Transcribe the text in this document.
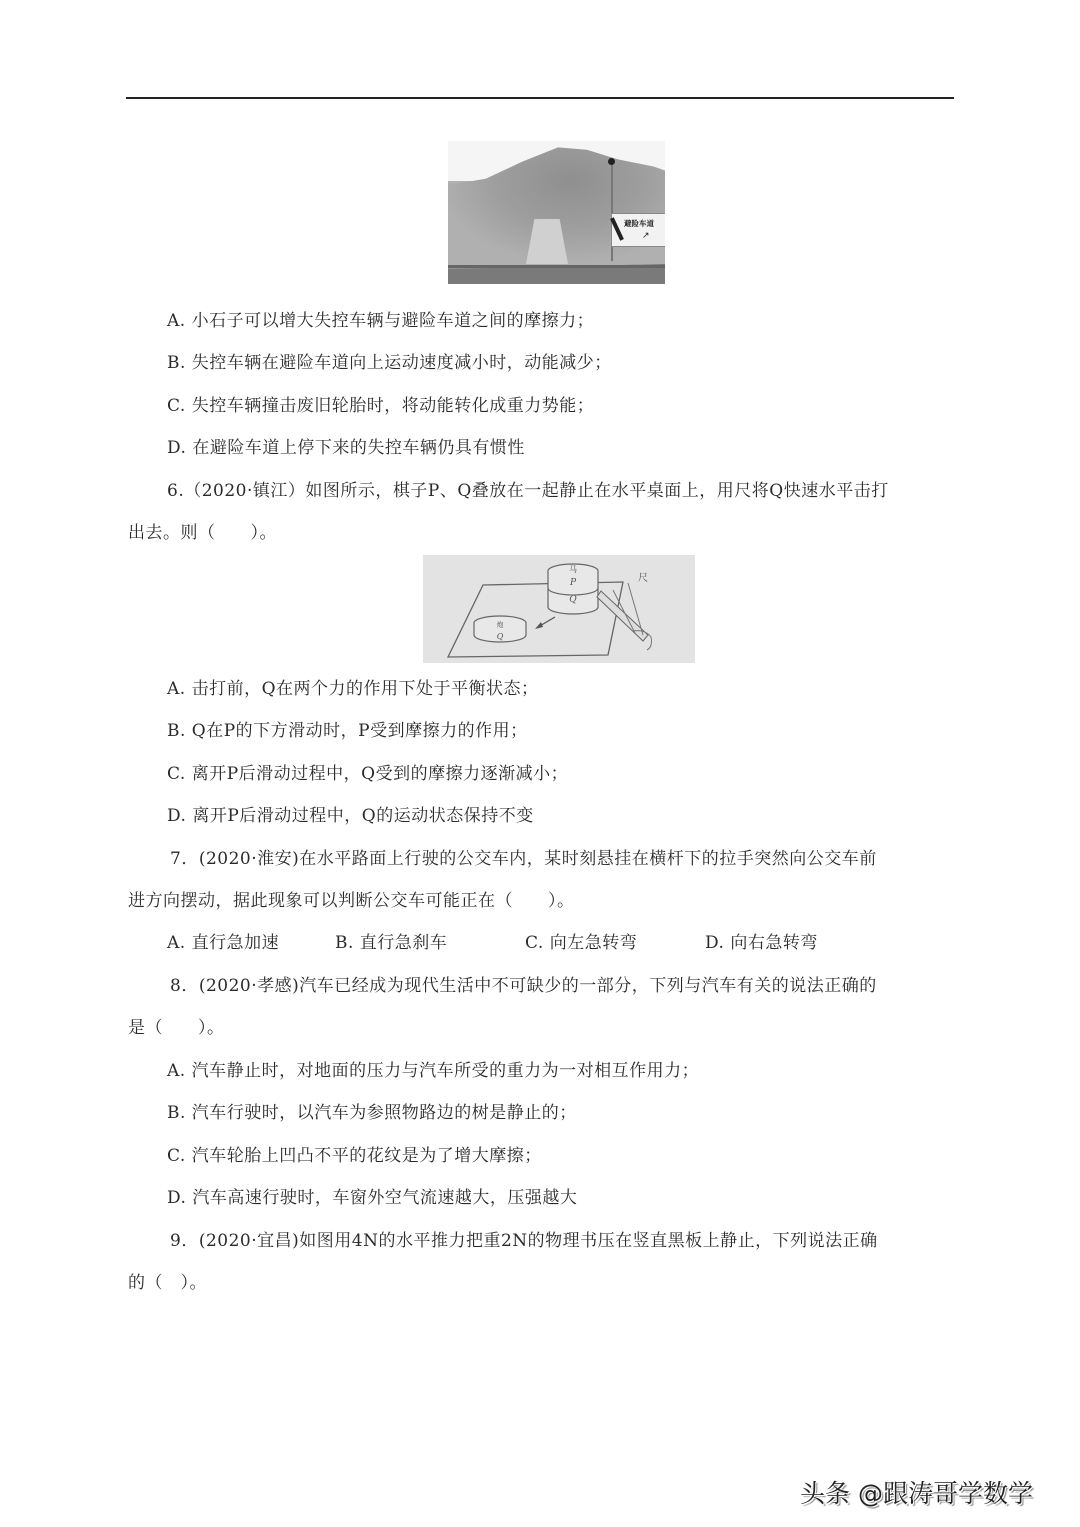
避险车道
↗
A. 小石子可以增大失控车辆与避险车道之间的摩擦力；
B. 失控车辆在避险车道向上运动速度减小时，动能减少；
C. 失控车辆撞击废旧轮胎时，将动能转化成重力势能；
D. 在避险车道上停下来的失控车辆仍具有惯性
6.（2020·镇江）如图所示，棋子P、Q叠放在一起静止在水平桌面上，用尺将Q快速水平击打
出去。则（　　）。
马
P
Q
炮
Q
尺
A. 击打前，Q在两个力的作用下处于平衡状态；
B. Q在P的下方滑动时，P受到摩擦力的作用；
C. 离开P后滑动过程中，Q受到的摩擦力逐渐减小；
D. 离开P后滑动过程中，Q的运动状态保持不变
7．(2020·淮安)在水平路面上行驶的公交车内，某时刻悬挂在横杆下的拉手突然向公交车前
进方向摆动，据此现象可以判断公交车可能正在（　　）。
A. 直行急加速	B. 直行急刹车	C. 向左急转弯	D. 向右急转弯
8．(2020·孝感)汽车已经成为现代生活中不可缺少的一部分，下列与汽车有关的说法正确的
是（　　）。
A. 汽车静止时，对地面的压力与汽车所受的重力为一对相互作用力；
B. 汽车行驶时，以汽车为参照物路边的树是静止的；
C. 汽车轮胎上凹凸不平的花纹是为了增大摩擦；
D. 汽车高速行驶时，车窗外空气流速越大，压强越大
9．(2020·宜昌)如图用4N的水平推力把重2N的物理书压在竖直黑板上静止，下列说法正确
的（　）。
头条 @跟涛哥学数学
